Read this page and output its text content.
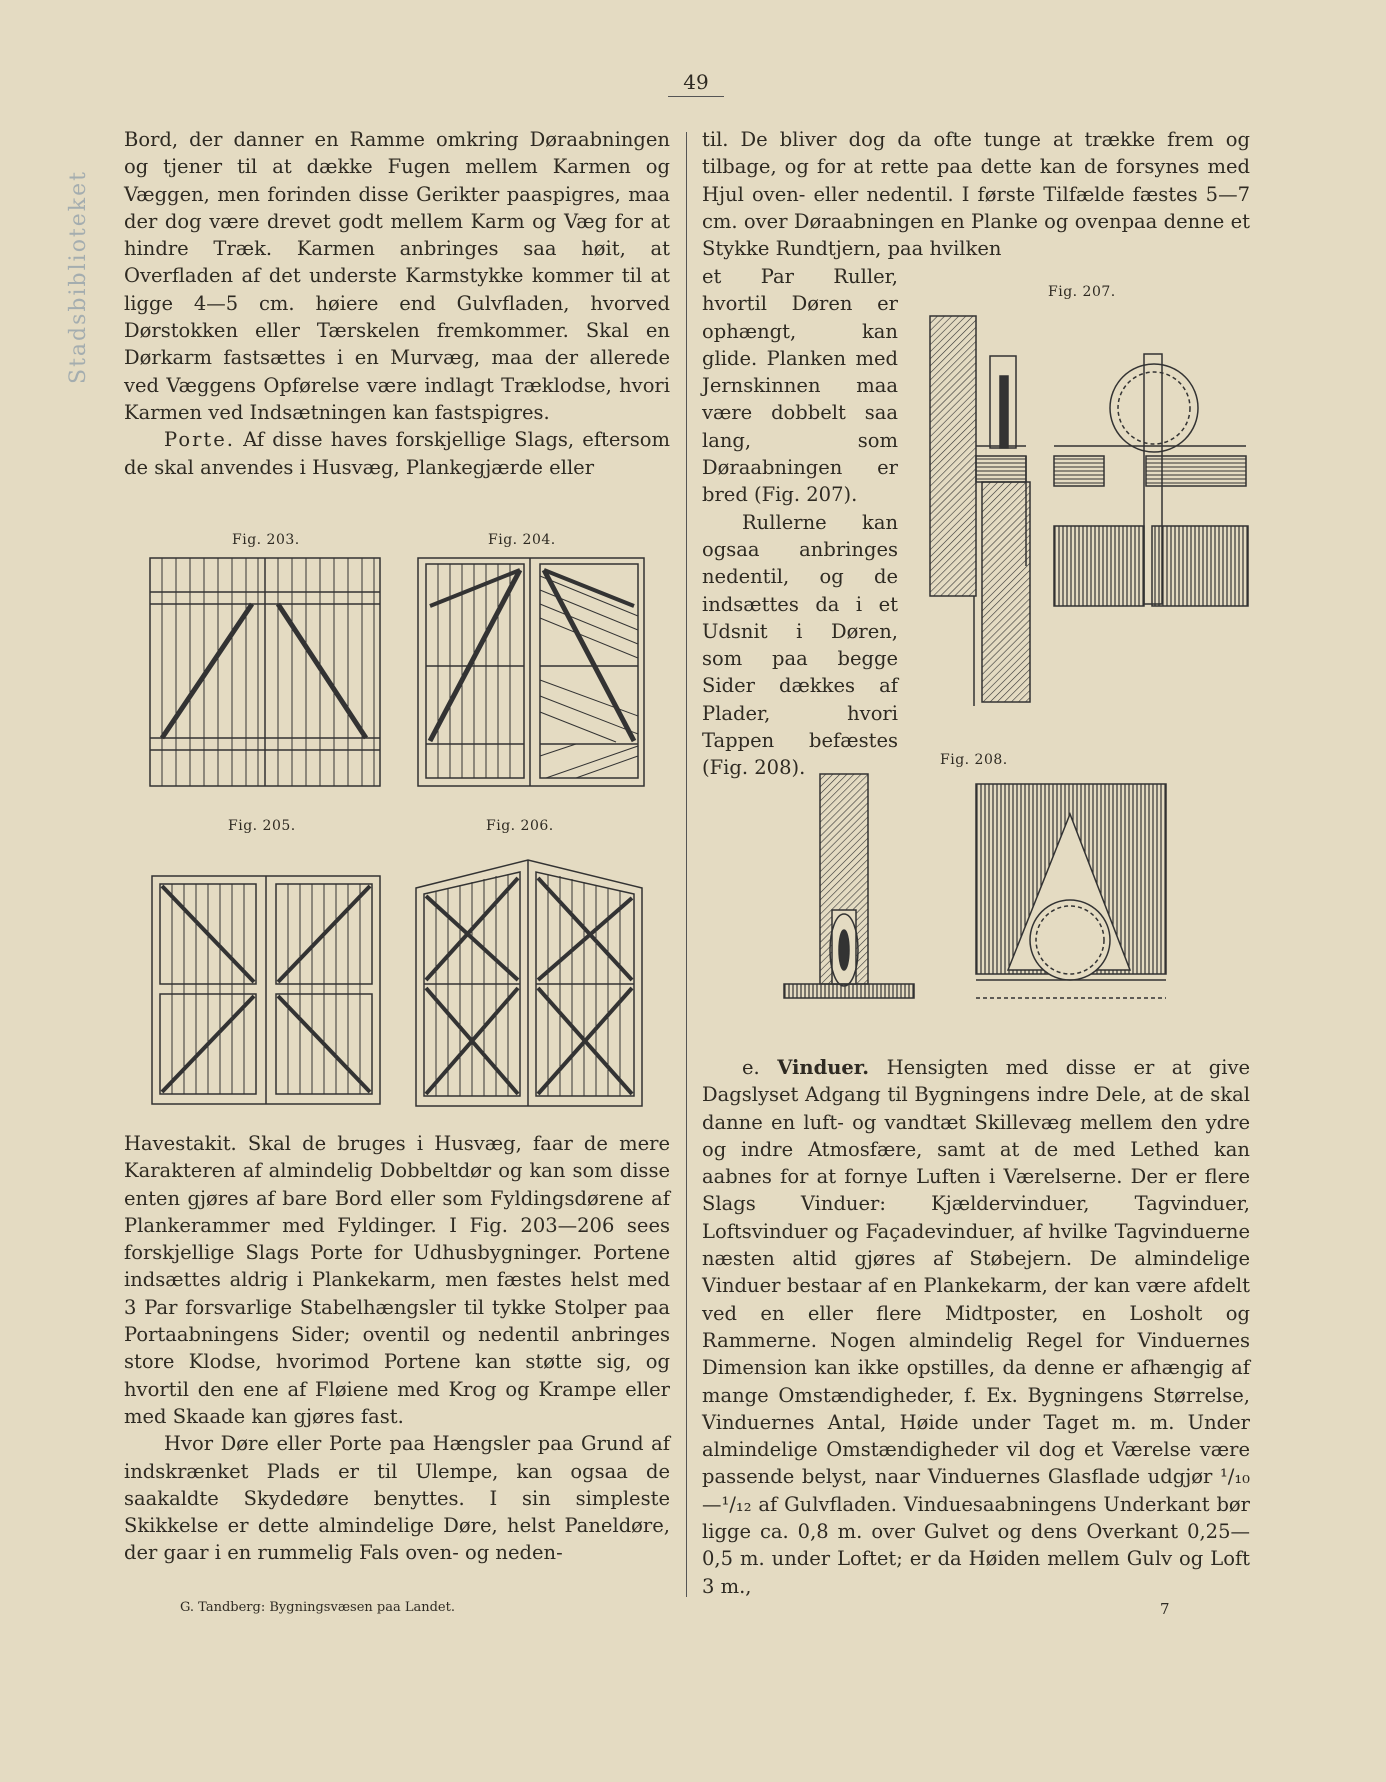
Stadsbiblioteket
49

Bord, der danner en Ramme omkring Døraabningen og tjener til at dække Fugen mellem Karmen og Væggen, men forinden disse Gerikter paaspigres, maa der dog være drevet godt mellem Karm og Væg for at hindre Træk. Karmen anbringes saa høit, at Overfladen af det underste Karmstykke kommer til at ligge 4—5 cm. høiere end Gulvfladen, hvorved Dørstokken eller Tærskelen fremkommer. Skal en Dørkarm fastsættes i en Murvæg, maa der allerede ved Væggens Opførelse være indlagt Træklodse, hvori Karmen ved Indsætningen kan fastspigres.

Porte. Af disse haves forskjellige Slags, eftersom de skal anvendes i Husvæg, Plankegjærde eller

Fig. 203.	Fig. 204.
Fig. 205.	Fig. 206.

Havestakit. Skal de bruges i Husvæg, faar de mere Karakteren af almindelig Dobbeltdør og kan som disse enten gjøres af bare Bord eller som Fyldingsdørene af Plankerammer med Fyldinger. I Fig. 203—206 sees forskjellige Slags Porte for Udhusbygninger. Portene indsættes aldrig i Plankekarm, men fæstes helst med 3 Par forsvarlige Stabelhængsler til tykke Stolper paa Portaabningens Sider; oventil og nedentil anbringes store Klodse, hvorimod Portene kan støtte sig, og hvortil den ene af Fløiene med Krog og Krampe eller med Skaade kan gjøres fast.

Hvor Døre eller Porte paa Hængsler paa Grund af indskrænket Plads er til Ulempe, kan ogsaa de saakaldte Skydedøre benyttes. I sin simpleste Skikkelse er dette almindelige Døre, helst Paneldøre, der gaar i en rummelig Fals oven- og neden-

G. Tandberg: Bygningsvæsen paa Landet.	7

til. De bliver dog da ofte tunge at trække frem og tilbage, og for at rette paa dette kan de forsynes med Hjul oven- eller nedentil. I første Tilfælde fæstes 5—7 cm. over Døraabningen en Planke og ovenpaa denne et Stykke Rundtjern, paa hvilken

et Par Ruller, hvortil Døren er ophængt, kan glide. Planken med Jernskinnen maa være dobbelt saa lang, som Døraabningen er bred (Fig. 207).

Rullerne kan ogsaa anbringes nedentil, og de indsættes da i et Udsnit i Døren, som paa begge Sider dækkes af Plader, hvori Tappen befæstes (Fig. 208).

Fig. 207.
Fig. 208.

e. Vinduer. Hensigten med disse er at give Dagslyset Adgang til Bygningens indre Dele, at de skal danne en luft- og vandtæt Skillevæg mellem den ydre og indre Atmosfære, samt at de med Lethed kan aabnes for at fornye Luften i Værelserne. Der er flere Slags Vinduer: Kjældervinduer, Tagvinduer, Loftsvinduer og Façadevinduer, af hvilke Tagvinduerne næsten altid gjøres af Støbejern. De almindelige Vinduer bestaar af en Plankekarm, der kan være afdelt ved en eller flere Midtposter, en Losholt og Rammerne. Nogen almindelig Regel for Vinduernes Dimension kan ikke opstilles, da denne er afhængig af mange Omstændigheder, f. Ex. Bygningens Størrelse, Vinduernes Antal, Høide under Taget m. m. Under almindelige Omstændigheder vil dog et Værelse være passende belyst, naar Vinduernes Glasflade udgjør ¹/₁₀—¹/₁₂ af Gulvfladen. Vinduesaabningens Underkant bør ligge ca. 0,8 m. over Gulvet og dens Overkant 0,25—0,5 m. under Loftet; er da Høiden mellem Gulv og Loft 3 m.,
